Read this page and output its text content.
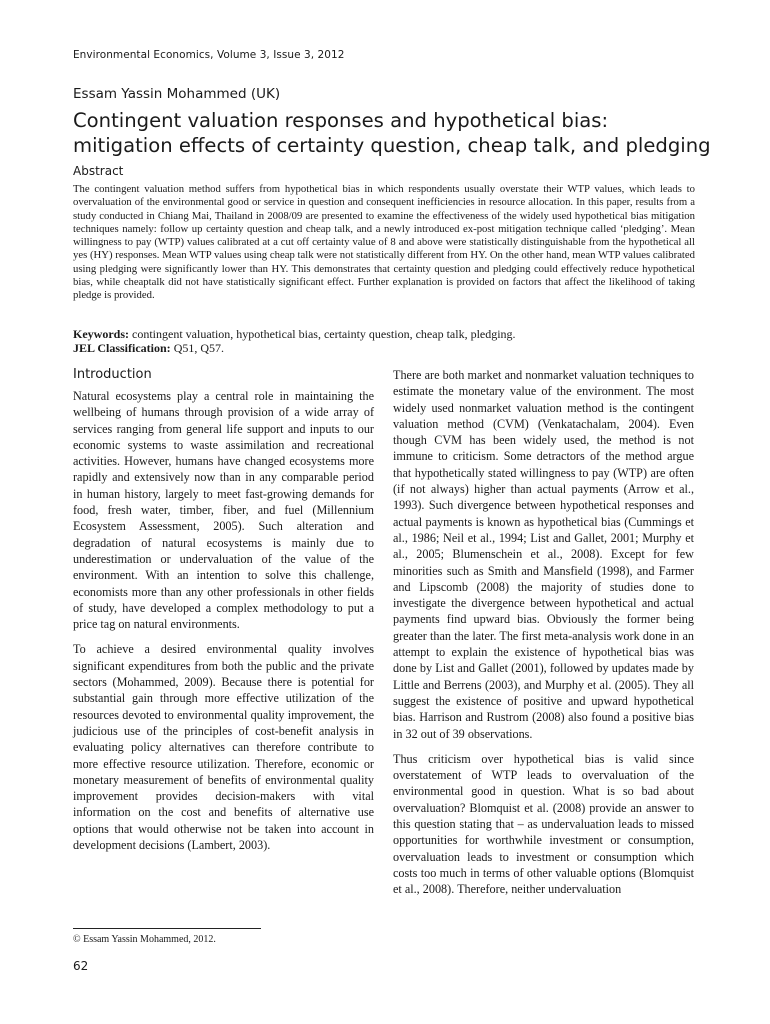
Environmental Economics, Volume 3, Issue 3, 2012
Essam Yassin Mohammed (UK)
Contingent valuation responses and hypothetical bias:
mitigation effects of certainty question, cheap talk, and pledging
Abstract

The contingent valuation method suffers from hypothetical bias in which respondents usually overstate their WTP values, which leads to overvaluation of the environmental good or service in question and consequent inefficiencies in resource allocation. In this paper, results from a study conducted in Chiang Mai, Thailand in 2008/09 are presented to examine the effectiveness of the widely used hypothetical bias mitigation techniques namely: follow up certainty question and cheap talk, and a newly introduced ex-post mitigation technique called ‘pledging’. Mean willingness to pay (WTP) values calibrated at a cut off certainty value of 8 and above were statistically distinguishable from the hypothetical all yes (HY) responses. Mean WTP values using cheap talk were not statistically different from HY. On the other hand, mean WTP values calibrated using pledging were significantly lower than HY. This demonstrates that certainty question and pledging could effectively reduce hypothetical bias, while cheaptalk did not have statistically significant effect. Further explanation is provided on factors that affect the likelihood of taking pledge is provided.

Keywords: contingent valuation, hypothetical bias, certainty question, cheap talk, pledging.

JEL Classification: Q51, Q57.

Introduction

Natural ecosystems play a central role in maintaining the wellbeing of humans through provision of a wide array of services ranging from general life support and inputs to our economic systems to waste assimilation and recreational activities. However, humans have changed ecosystems more rapidly and extensively now than in any comparable period in human history, largely to meet fast-growing demands for food, fresh water, timber, fiber, and fuel (Millennium Ecosystem Assessment, 2005). Such alteration and degradation of natural ecosystems is mainly due to underestimation or undervaluation of the value of the environment. With an intention to solve this challenge, economists more than any other professionals in other fields of study, have developed a complex methodology to put a price tag on natural environments.

To achieve a desired environmental quality involves significant expenditures from both the public and the private sectors (Mohammed, 2009). Because there is potential for substantial gain through more effective utilization of the resources devoted to environmental quality improvement, the judicious use of the principles of cost-benefit analysis in evaluating policy alternatives can therefore contribute to more effective resource utilization. Therefore, economic or monetary measurement of benefits of environmental quality improvement provides decision-makers with vital information on the cost and benefits of alternative use options that would otherwise not be taken into account in development decisions (Lambert, 2003).

There are both market and nonmarket valuation techniques to estimate the monetary value of the environment. The most widely used nonmarket valuation method is the contingent valuation method (CVM) (Venkatachalam, 2004). Even though CVM has been widely used, the method is not immune to criticism. Some detractors of the method argue that hypothetically stated willingness to pay (WTP) are often (if not always) higher than actual payments (Arrow et al., 1993). Such divergence between hypothetical responses and actual payments is known as hypothetical bias (Cummings et al., 1986; Neil et al., 1994; List and Gallet, 2001; Murphy et al., 2005; Blumenschein et al., 2008). Except for few minorities such as Smith and Mansfield (1998), and Farmer and Lipscomb (2008) the majority of studies done to investigate the divergence between hypothetical and actual payments find upward bias. Obviously the former being greater than the later. The first meta-analysis work done in an attempt to explain the existence of hypothetical bias was done by List and Gallet (2001), followed by updates made by Little and Berrens (2003), and Murphy et al. (2005). They all suggest the existence of positive and upward hypothetical bias. Harrison and Rustrom (2008) also found a positive bias in 32 out of 39 observations.

Thus criticism over hypothetical bias is valid since overstatement of WTP leads to overvaluation of the environmental good in question. What is so bad about overvaluation? Blomquist et al. (2008) provide an answer to this question stating that – as undervaluation leads to missed opportunities for worthwhile investment or consumption, overvaluation leads to investment or consumption which costs too much in terms of other valuable options (Blomquist et al., 2008). Therefore, neither undervaluation

© Essam Yassin Mohammed, 2012.
62
